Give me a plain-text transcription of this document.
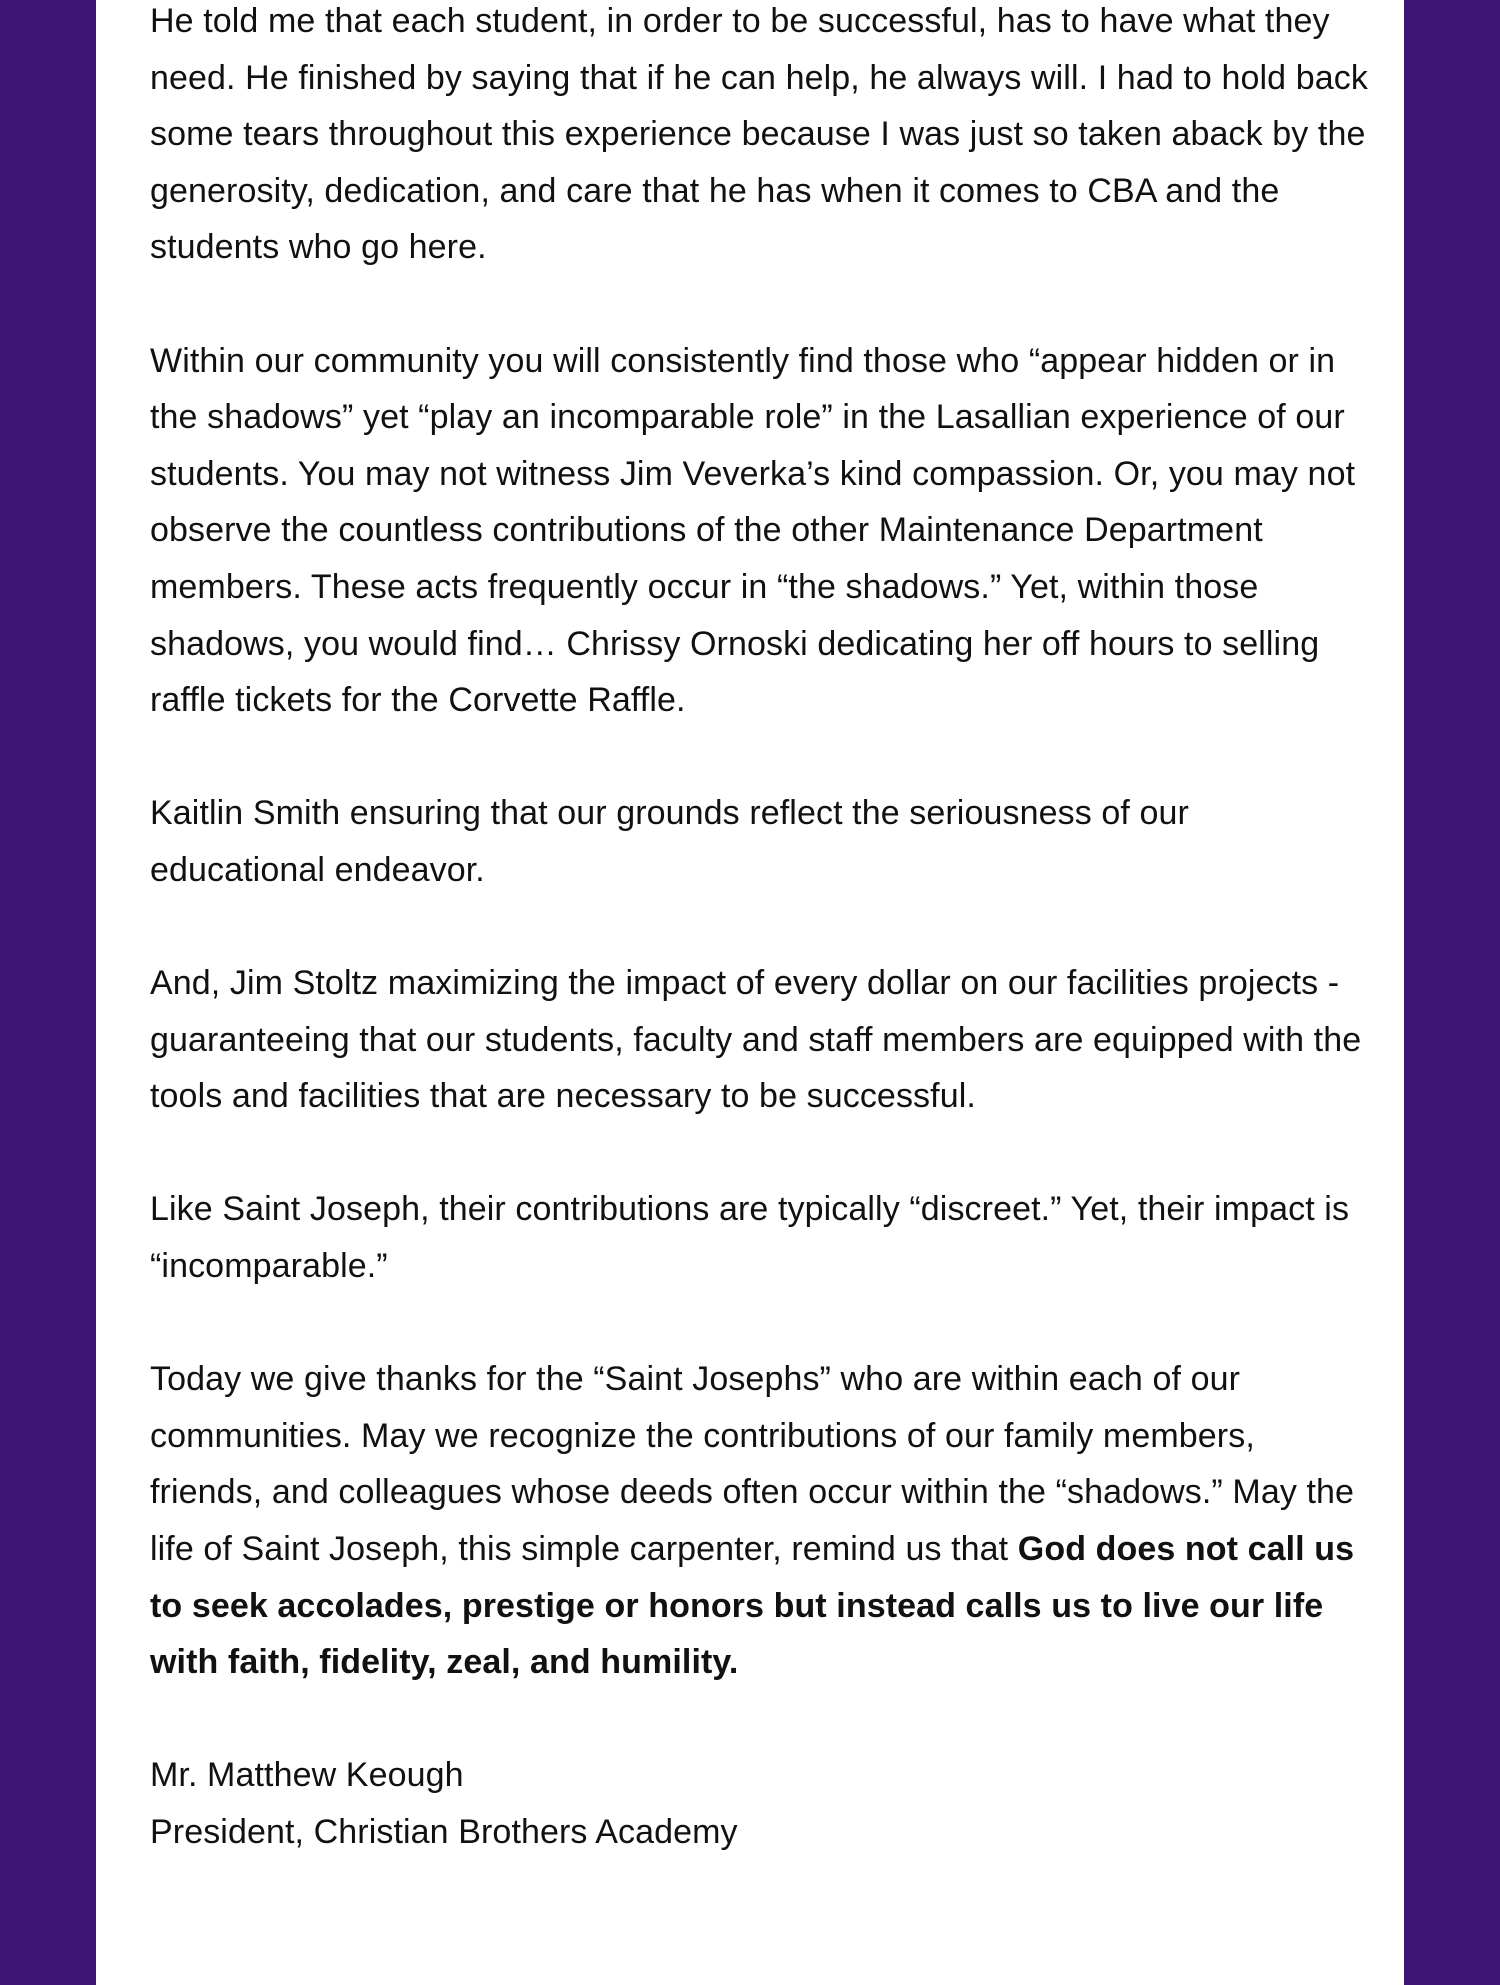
He told me that each student, in order to be successful, has to have what they need. He finished by saying that if he can help, he always will. I had to hold back some tears throughout this experience because I was just so taken aback by the generosity, dedication, and care that he has when it comes to CBA and the students who go here.

Within our community you will consistently find those who “appear hidden or in the shadows” yet “play an incomparable role” in the Lasallian experience of our students. You may not witness Jim Veverka’s kind compassion. Or, you may not observe the countless contributions of the other Maintenance Department members. These acts frequently occur in “the shadows.” Yet, within those shadows, you would find… Chrissy Ornoski dedicating her off hours to selling raffle tickets for the Corvette Raffle.

Kaitlin Smith ensuring that our grounds reflect the seriousness of our educational endeavor.

And, Jim Stoltz maximizing the impact of every dollar on our facilities projects - guaranteeing that our students, faculty and staff members are equipped with the tools and facilities that are necessary to be successful.

Like Saint Joseph, their contributions are typically “discreet.” Yet, their impact is “incomparable.”

Today we give thanks for the “Saint Josephs” who are within each of our communities. May we recognize the contributions of our family members, friends, and colleagues whose deeds often occur within the “shadows.” May the life of Saint Joseph, this simple carpenter, remind us that God does not call us to seek accolades, prestige or honors but instead calls us to live our life with faith, fidelity, zeal, and humility.

Mr. Matthew Keough
President, Christian Brothers Academy
